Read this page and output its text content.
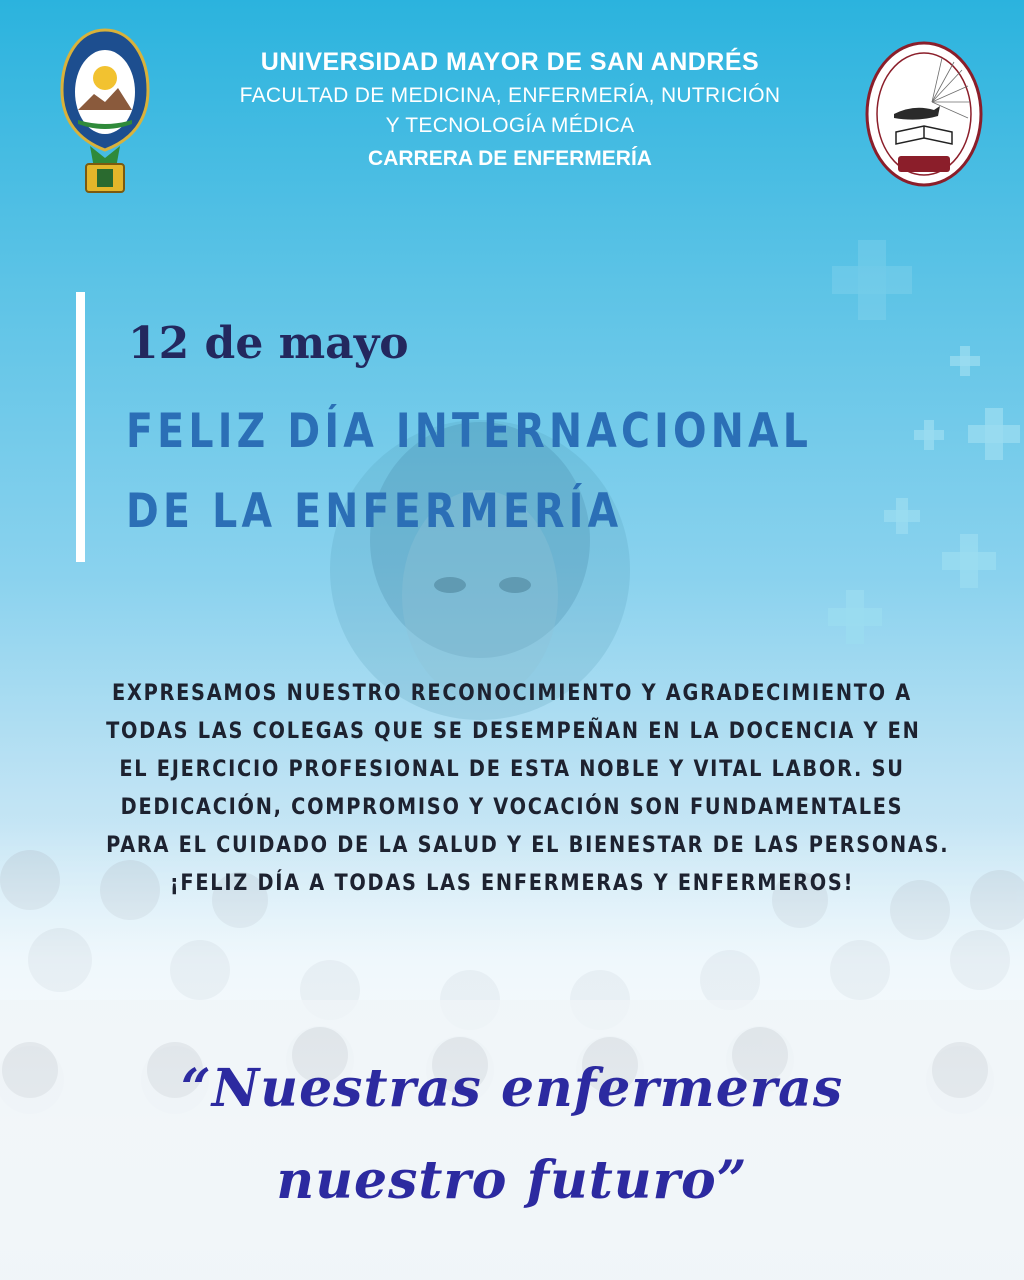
UNIVERSIDAD MAYOR DE SAN ANDRÉS
FACULTAD DE MEDICINA, ENFERMERÍA, NUTRICIÓN
Y TECNOLOGÍA MÉDICA
CARRERA DE ENFERMERÍA
12 de mayo
FELIZ DÍA INTERNACIONAL
DE LA ENFERMERÍA
EXPRESAMOS NUESTRO RECONOCIMIENTO Y AGRADECIMIENTO A
TODAS LAS COLEGAS QUE SE DESEMPEÑAN EN LA DOCENCIA Y EN
EL EJERCICIO PROFESIONAL DE ESTA NOBLE Y VITAL LABOR. SU
DEDICACIÓN, COMPROMISO Y VOCACIÓN SON FUNDAMENTALES
PARA EL CUIDADO DE LA SALUD Y EL BIENESTAR DE LAS PERSONAS.
¡FELIZ DÍA A TODAS LAS ENFERMERAS Y ENFERMEROS!
“Nuestras enfermeras
nuestro futuro”
